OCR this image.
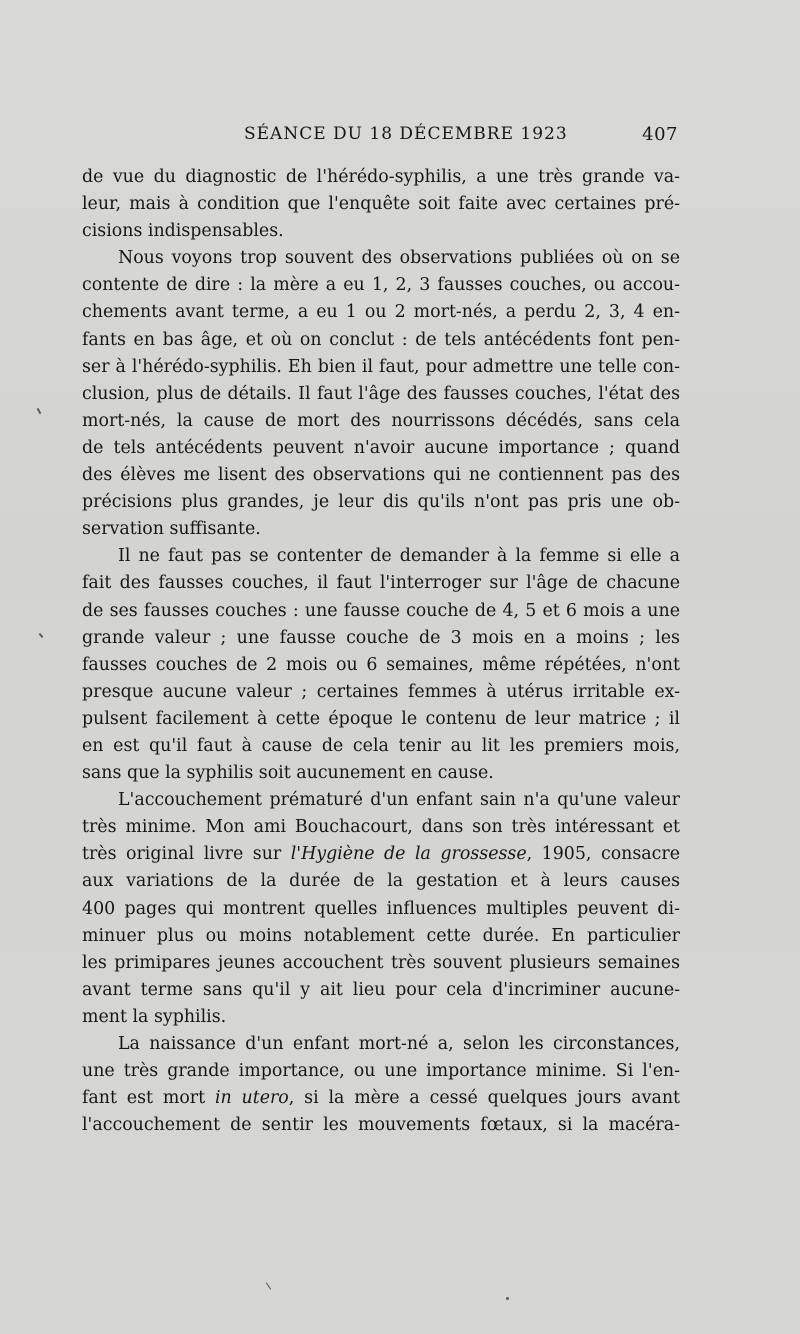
SÉANCE DU 18 DÉCEMBRE 1923	407
de vue du diagnostic de l'hérédo-syphilis, a une très grande va-
leur, mais à condition que l'enquête soit faite avec certaines pré-
cisions indispensables.
Nous voyons trop souvent des observations publiées où on se
contente de dire : la mère a eu 1, 2, 3 fausses couches, ou accou-
chements avant terme, a eu 1 ou 2 mort-nés, a perdu 2, 3, 4 en-
fants en bas âge, et où on conclut : de tels antécédents font pen-
ser à l'hérédo-syphilis. Eh bien il faut, pour admettre une telle con-
clusion, plus de détails. Il faut l'âge des fausses couches, l'état des
mort-nés, la cause de mort des nourrissons décédés, sans cela
de tels antécédents peuvent n'avoir aucune importance ; quand
des élèves me lisent des observations qui ne contiennent pas des
précisions plus grandes, je leur dis qu'ils n'ont pas pris une ob-
servation suffisante.
Il ne faut pas se contenter de demander à la femme si elle a
fait des fausses couches, il faut l'interroger sur l'âge de chacune
de ses fausses couches : une fausse couche de 4, 5 et 6 mois a une
grande valeur ; une fausse couche de 3 mois en a moins ; les
fausses couches de 2 mois ou 6 semaines, même répétées, n'ont
presque aucune valeur ; certaines femmes à utérus irritable ex-
pulsent facilement à cette époque le contenu de leur matrice ; il
en est qu'il faut à cause de cela tenir au lit les premiers mois,
sans que la syphilis soit aucunement en cause.
L'accouchement prématuré d'un enfant sain n'a qu'une valeur
très minime. Mon ami Bouchacourt, dans son très intéressant et
très original livre sur l'Hygiène de la grossesse, 1905, consacre
aux variations de la durée de la gestation et à leurs causes
400 pages qui montrent quelles influences multiples peuvent di-
minuer plus ou moins notablement cette durée. En particulier
les primipares jeunes accouchent très souvent plusieurs semaines
avant terme sans qu'il y ait lieu pour cela d'incriminer aucune-
ment la syphilis.
La naissance d'un enfant mort-né a, selon les circonstances,
une très grande importance, ou une importance minime. Si l'en-
fant est mort in utero, si la mère a cessé quelques jours avant
l'accouchement de sentir les mouvements fœtaux, si la macéra-
